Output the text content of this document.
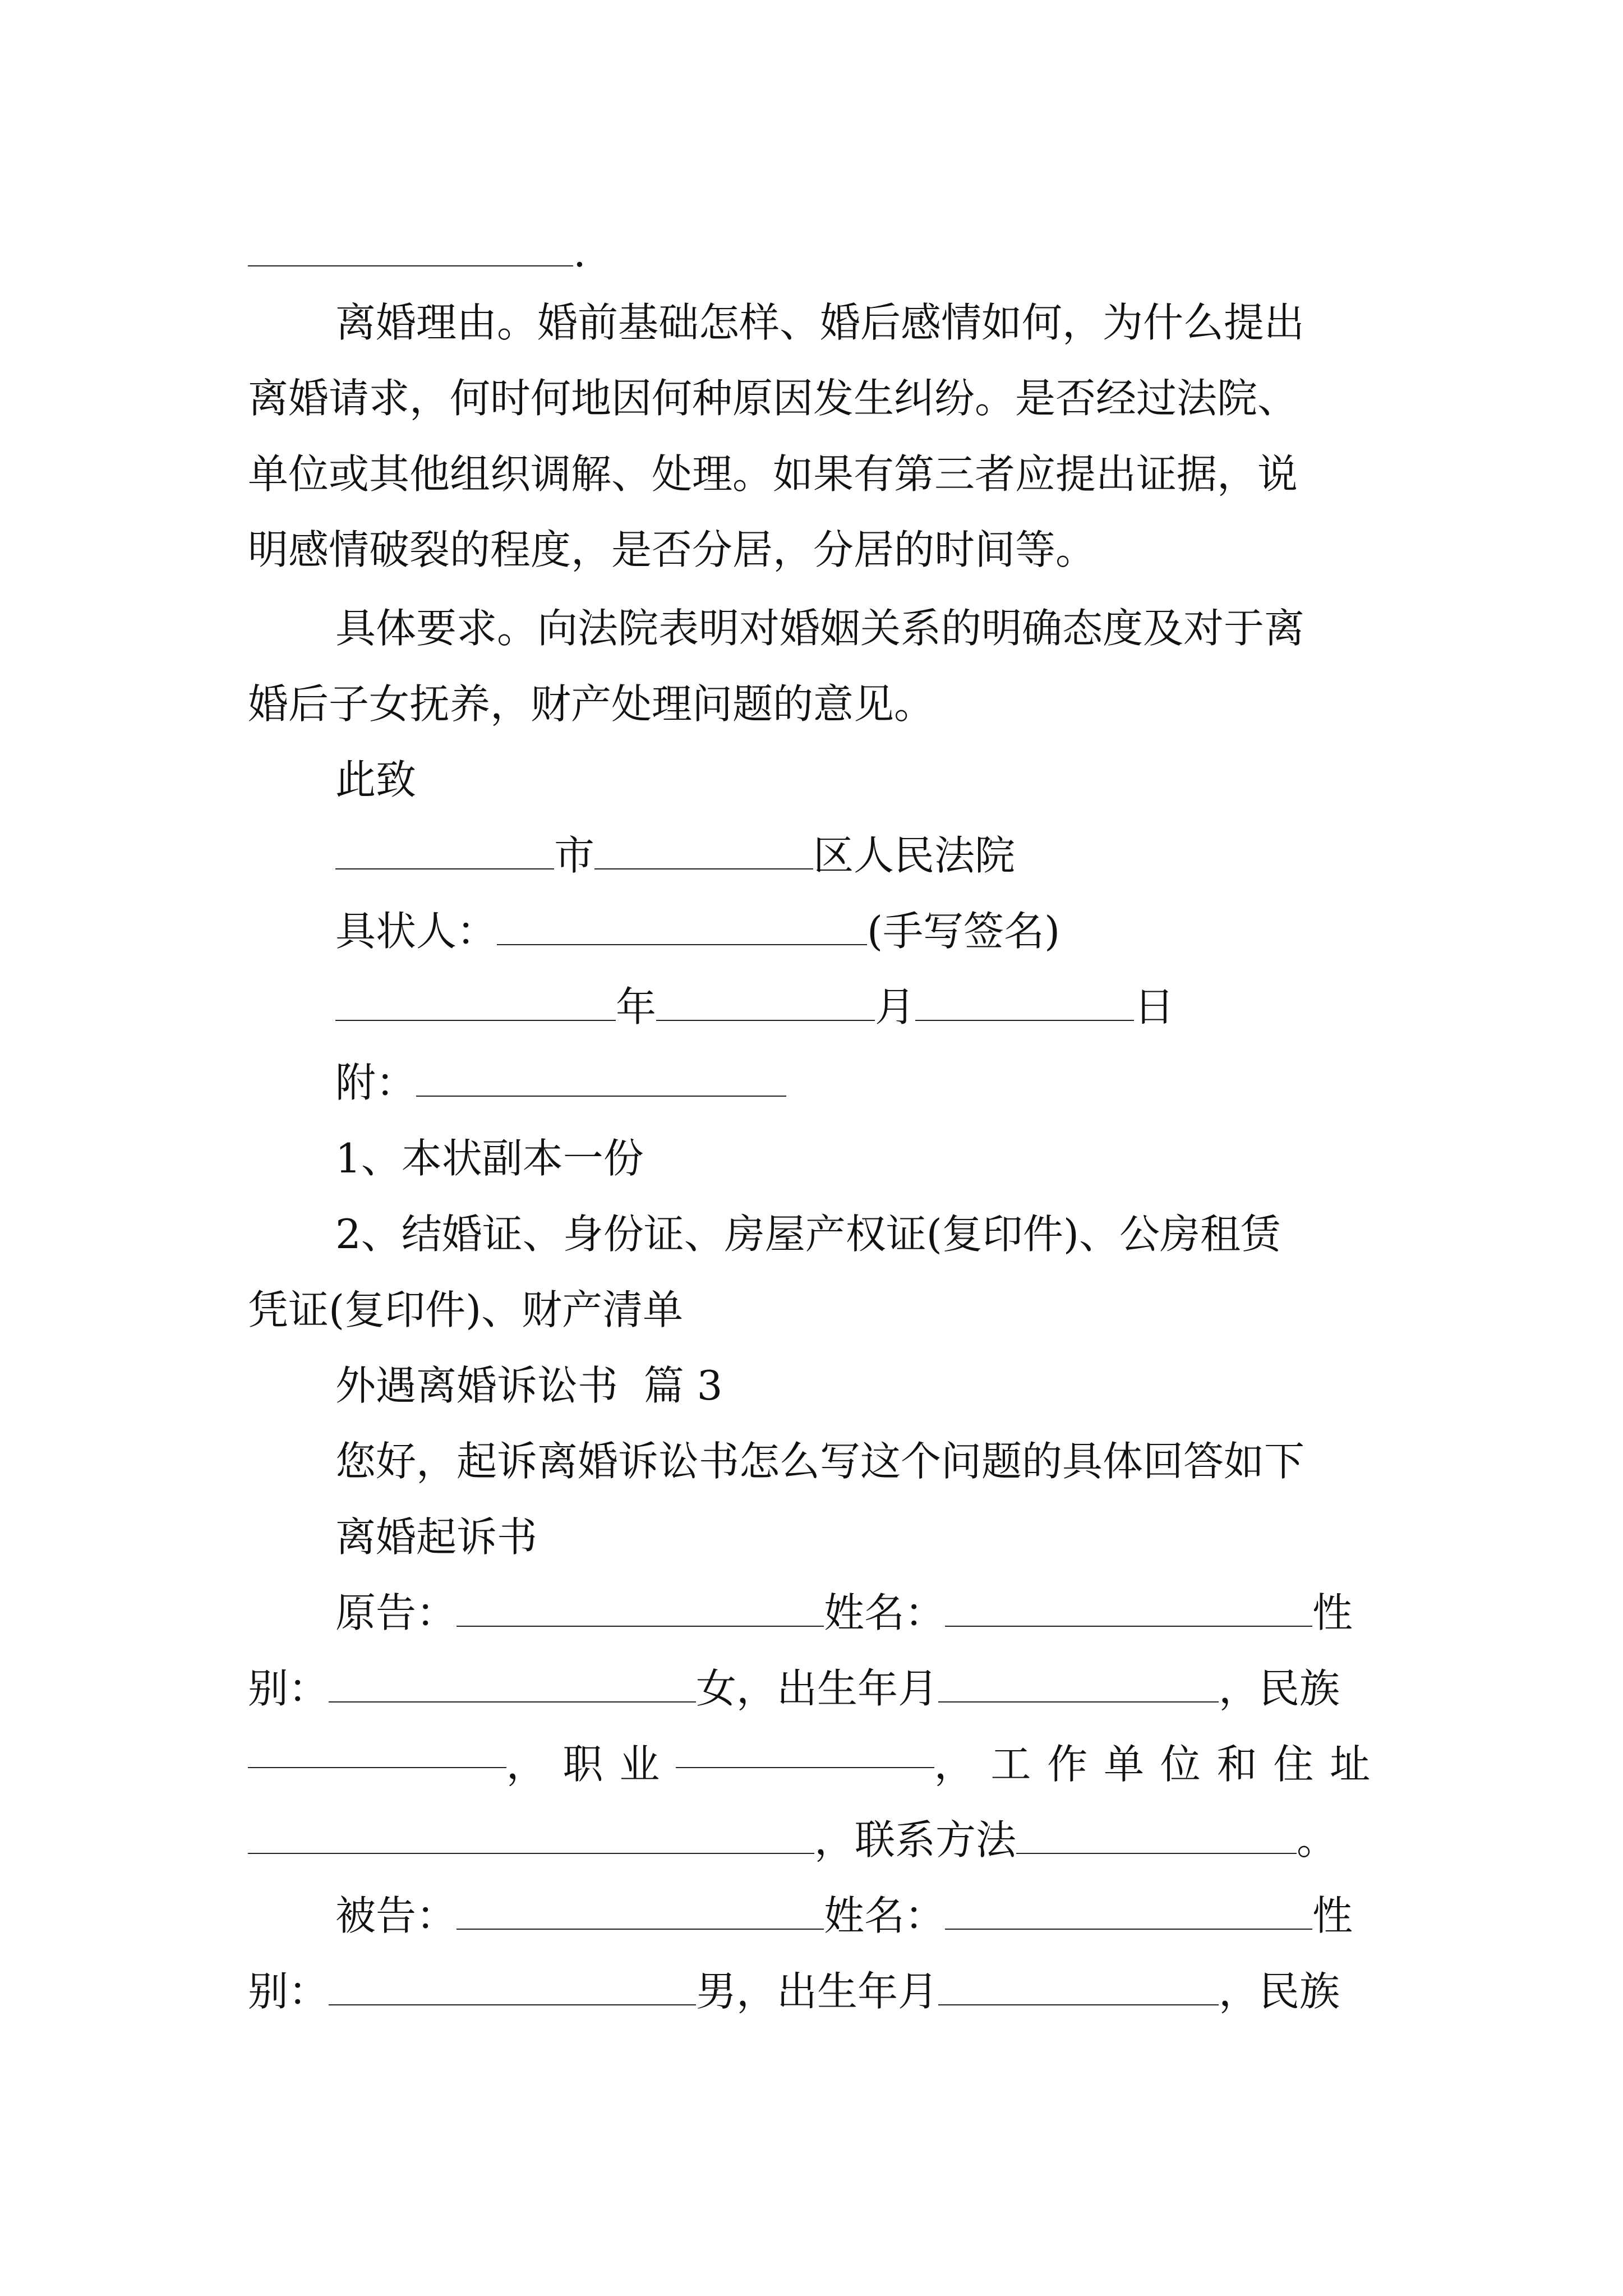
.
离婚理由。婚前基础怎样、婚后感情如何，为什么提出
离婚请求，何时何地因何种原因发生纠纷。是否经过法院、
单位或其他组织调解、处理。如果有第三者应提出证据，说
明感情破裂的程度，是否分居，分居的时间等。
具体要求。向法院表明对婚姻关系的明确态度及对于离
婚后子女抚养，财产处理问题的意见。
此致
市	区人民法院
具状人：	(手写签名)
年	月	日
附：
1、本状副本一份
2、结婚证、身份证、房屋产权证(复印件)、公房租赁
凭证(复印件)、财产清单
外遇离婚诉讼书  篇 3
您好，起诉离婚诉讼书怎么写这个问题的具体回答如下
离婚起诉书
原告：	姓名：	性
别：	女，出生年月	，民族
，职业	，工作单位和住址
，联系方法	。
被告：	姓名：	性
别：	男，出生年月	，民族
